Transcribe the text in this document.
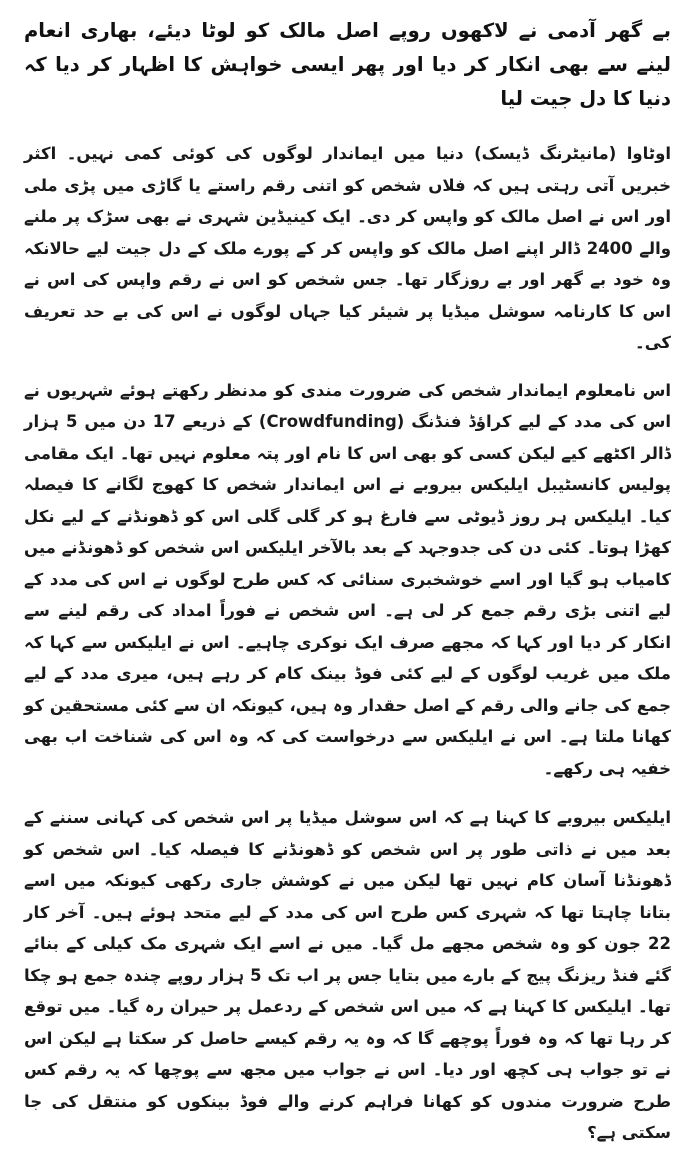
بے گھر آدمی نے لاکھوں روپے اصل مالک کو لوٹا دیئے، بھاری انعام لینے سے بھی انکار کر دیا اور پھر ایسی خواہش کا اظہار کر دیا کہ دنیا کا دل جیت لیا

اوٹاوا (مانیٹرنگ ڈیسک) دنیا میں ایماندار لوگوں کی کوئی کمی نہیں۔ اکثر خبریں آتی رہتی ہیں کہ فلاں شخص کو اتنی رقم راستے یا گاڑی میں پڑی ملی اور اس نے اصل مالک کو واپس کر دی۔ ایک کینیڈین شہری نے بھی سڑک پر ملنے والے 2400 ڈالر اپنے اصل مالک کو واپس کر کے پورے ملک کے دل جیت لیے حالانکہ وہ خود بے گھر اور بے روزگار تھا۔ جس شخص کو اس نے رقم واپس کی اس نے اس کا کارنامہ سوشل میڈیا پر شیئر کیا جہاں لوگوں نے اس کی بے حد تعریف کی۔

اس نامعلوم ایماندار شخص کی ضرورت مندی کو مدنظر رکھتے ہوئے شہریوں نے اس کی مدد کے لیے کراؤڈ فنڈنگ (Crowdfunding) کے ذریعے 17 دن میں 5 ہزار ڈالر اکٹھے کیے لیکن کسی کو بھی اس کا نام اور پتہ معلوم نہیں تھا۔ ایک مقامی پولیس کانسٹیبل ایلیکس بیروبے نے اس ایماندار شخص کا کھوج لگانے کا فیصلہ کیا۔ ایلیکس ہر روز ڈیوٹی سے فارغ ہو کر گلی گلی اس کو ڈھونڈنے کے لیے نکل کھڑا ہوتا۔ کئی دن کی جدوجہد کے بعد بالآخر ایلیکس اس شخص کو ڈھونڈنے میں کامیاب ہو گیا اور اسے خوشخبری سنائی کہ کس طرح لوگوں نے اس کی مدد کے لیے اتنی بڑی رقم جمع کر لی ہے۔ اس شخص نے فوراً امداد کی رقم لینے سے انکار کر دیا اور کہا کہ مجھے صرف ایک نوکری چاہیے۔ اس نے ایلیکس سے کہا کہ ملک میں غریب لوگوں کے لیے کئی فوڈ بینک کام کر رہے ہیں، میری مدد کے لیے جمع کی جانے والی رقم کے اصل حقدار وہ ہیں، کیونکہ ان سے کئی مستحقین کو کھانا ملتا ہے۔ اس نے ایلیکس سے درخواست کی کہ وہ اس کی شناخت اب بھی خفیہ ہی رکھے۔

ایلیکس بیروبے کا کہنا ہے کہ اس سوشل میڈیا پر اس شخص کی کہانی سننے کے بعد میں نے ذاتی طور پر اس شخص کو ڈھونڈنے کا فیصلہ کیا۔ اس شخص کو ڈھونڈنا آسان کام نہیں تھا لیکن میں نے کوشش جاری رکھی کیونکہ میں اسے بتانا چاہتا تھا کہ شہری کس طرح اس کی مدد کے لیے متحد ہوئے ہیں۔ آخر کار 22 جون کو وہ شخص مجھے مل گیا۔ میں نے اسے ایک شہری مک کیلی کے بنائے گئے فنڈ ریزنگ پیج کے بارے میں بتایا جس پر اب تک 5 ہزار روپے چندہ جمع ہو چکا تھا۔ ایلیکس کا کہنا ہے کہ میں اس شخص کے ردعمل پر حیران رہ گیا۔ میں توقع کر رہا تھا کہ وہ فوراً پوچھے گا کہ وہ یہ رقم کیسے حاصل کر سکتا ہے لیکن اس نے تو جواب ہی کچھ اور دیا۔ اس نے جواب میں مجھ سے پوچھا کہ یہ رقم کس طرح ضرورت مندوں کو کھانا فراہم کرنے والے فوڈ بینکوں کو منتقل کی جا سکتی ہے؟
